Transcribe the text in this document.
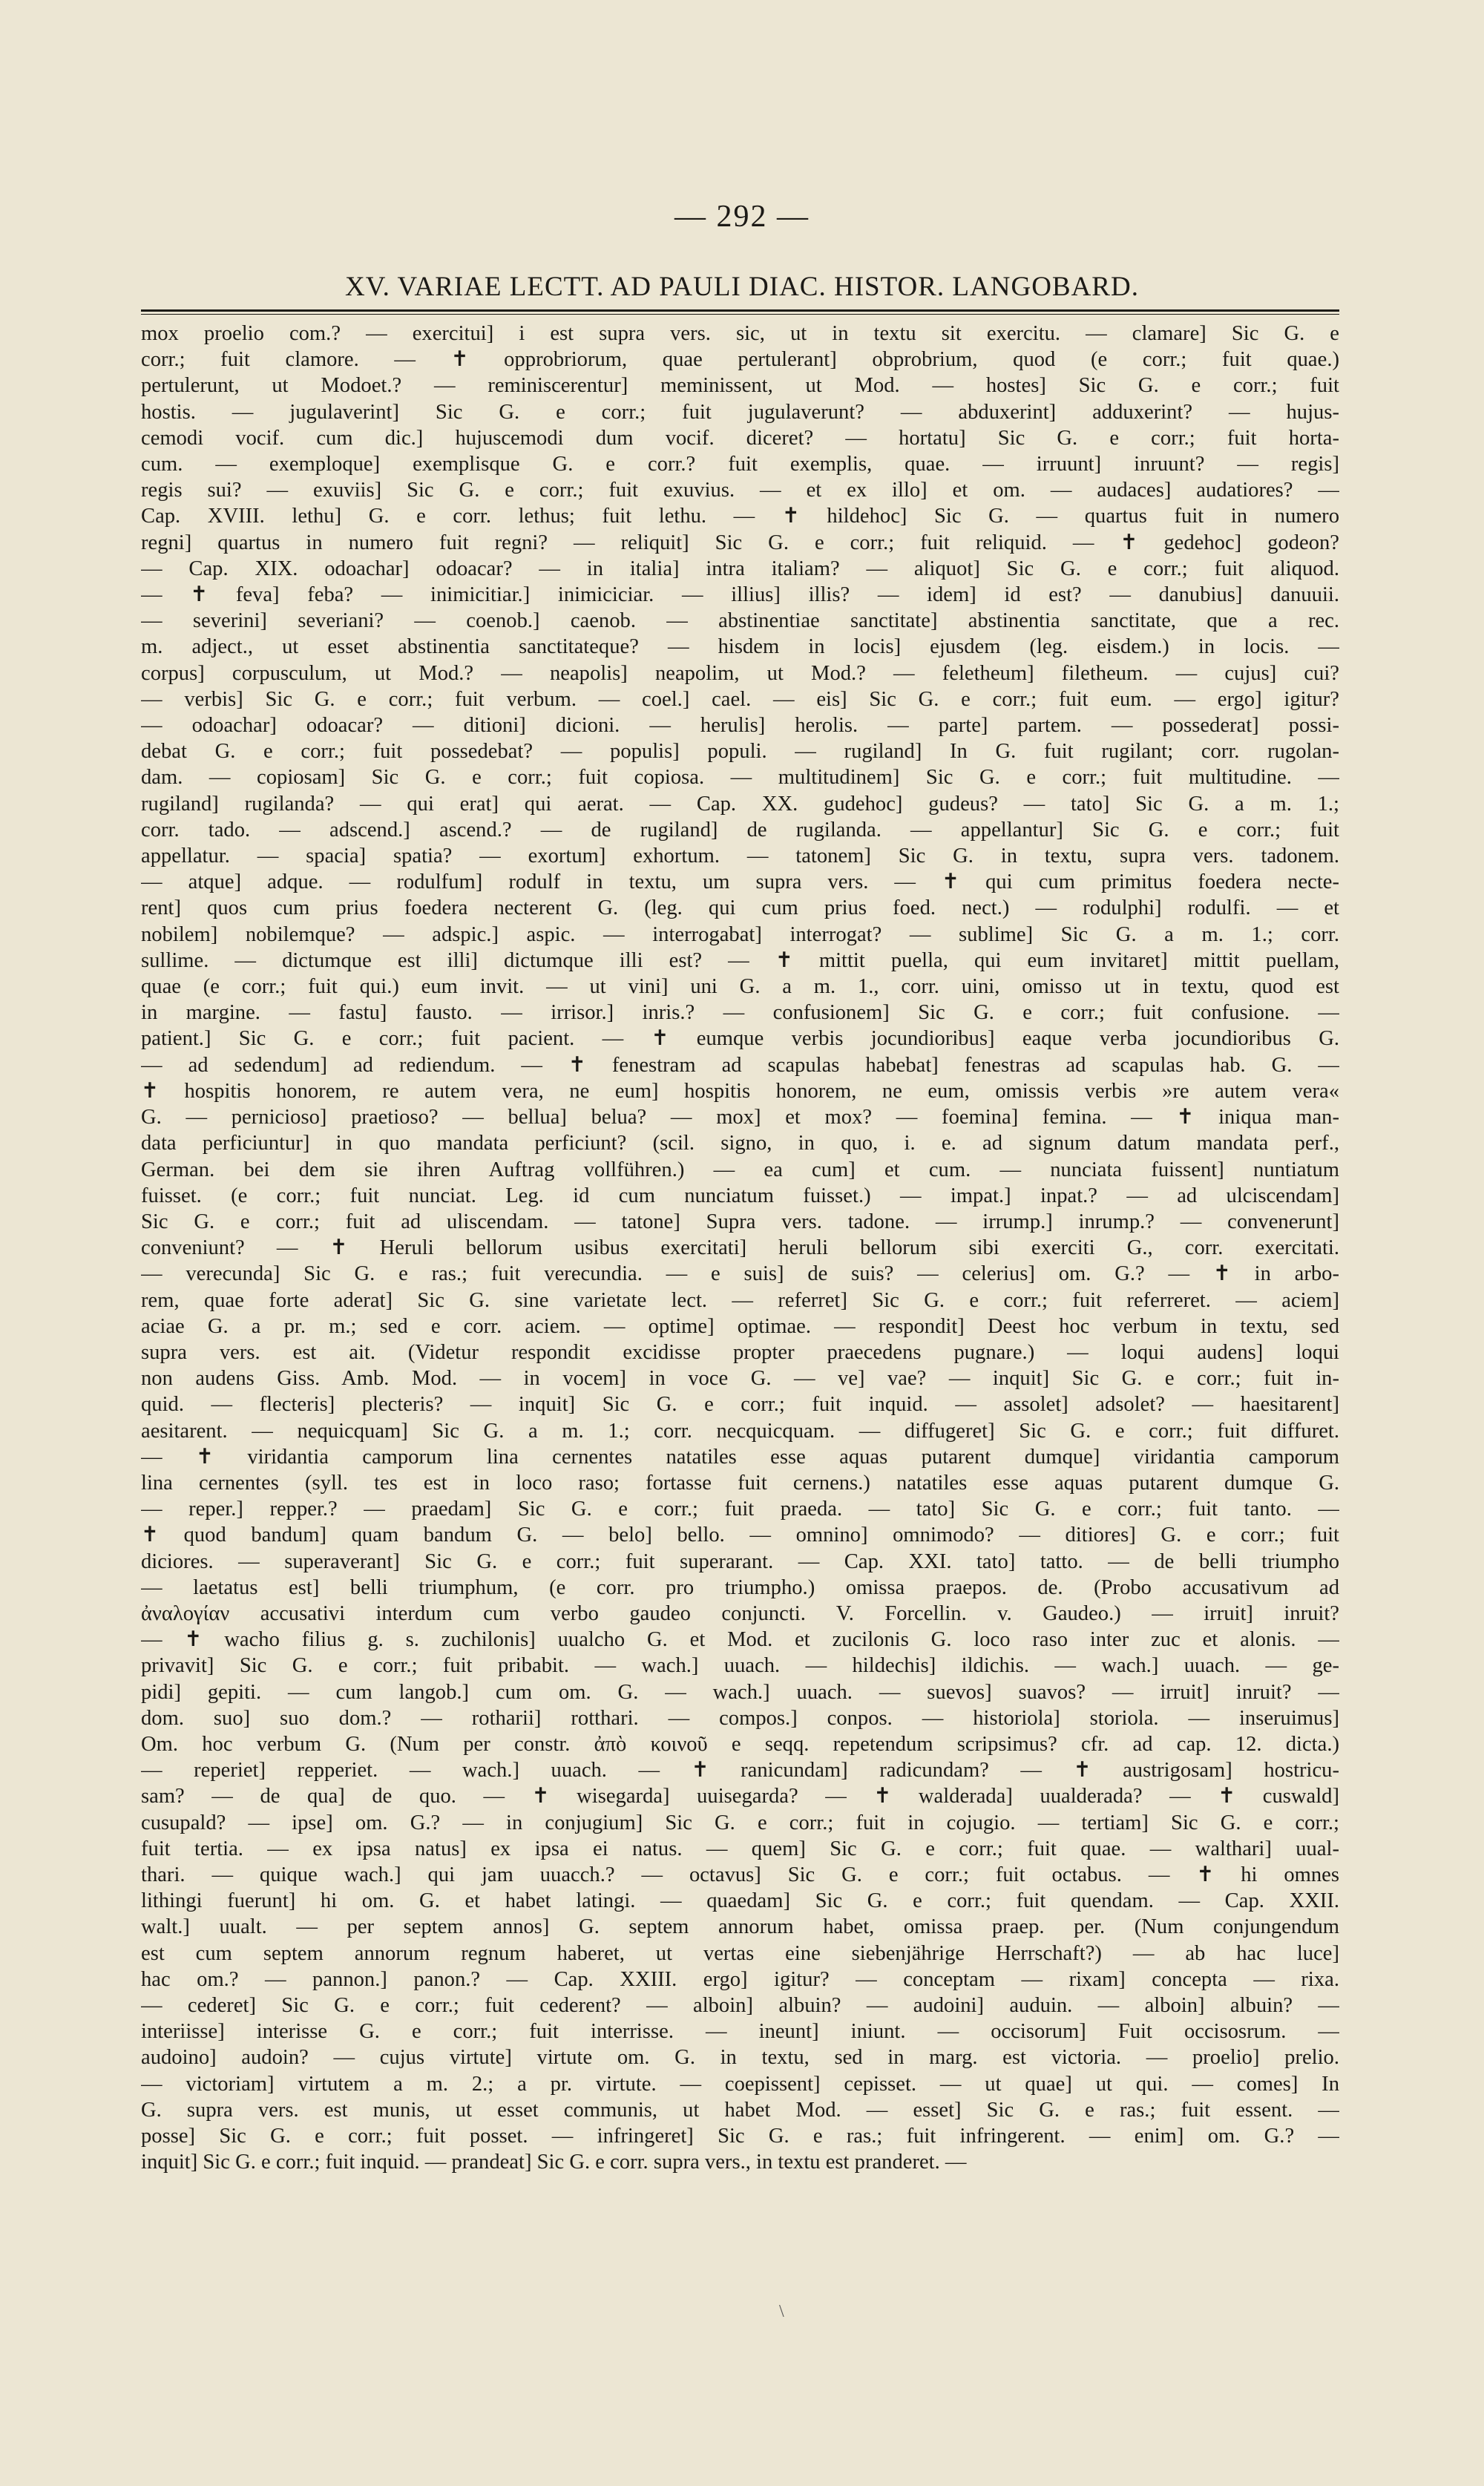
— 292 —
XV. VARIAE LECTT. AD PAULI DIAC. HISTOR. LANGOBARD.
mox proelio com.? — exercitui] i est supra vers. sic, ut in textu sit exercitu. — clamare] Sic G. e
corr.; fuit clamore. — ✝ opprobriorum, quae pertulerant] obprobrium, quod (e corr.; fuit quae.)
pertulerunt, ut Modoet.? — reminiscerentur] meminissent, ut Mod. — hostes] Sic G. e corr.; fuit
hostis. — jugulaverint] Sic G. e corr.; fuit jugulaverunt? — abduxerint] adduxerint? — hujus-
cemodi vocif. cum dic.] hujuscemodi dum vocif. diceret? — hortatu] Sic G. e corr.; fuit horta-
cum. — exemploque] exemplisque G. e corr.? fuit exemplis, quae. — irruunt] inruunt? — regis]
regis sui? — exuviis] Sic G. e corr.; fuit exuvius. — et ex illo] et om. — audaces] audatiores? —
Cap. XVIII. lethu] G. e corr. lethus; fuit lethu. — ✝ hildehoc] Sic G. — quartus fuit in numero
regni] quartus in numero fuit regni? — reliquit] Sic G. e corr.; fuit reliquid. — ✝ gedehoc] godeon?
— Cap. XIX. odoachar] odoacar? — in italia] intra italiam? — aliquot] Sic G. e corr.; fuit aliquod.
— ✝ feva] feba? — inimicitiar.] inimiciciar. — illius] illis? — idem] id est? — danubius] danuuii.
— severini] severiani? — coenob.] caenob. — abstinentiae sanctitate] abstinentia sanctitate, que a rec.
m. adject., ut esset abstinentia sanctitateque? — hisdem in locis] ejusdem (leg. eisdem.) in locis. —
corpus] corpusculum, ut Mod.? — neapolis] neapolim, ut Mod.? — feletheum] filetheum. — cujus] cui?
— verbis] Sic G. e corr.; fuit verbum. — coel.] cael. — eis] Sic G. e corr.; fuit eum. — ergo] igitur?
— odoachar] odoacar? — ditioni] dicioni. — herulis] herolis. — parte] partem. — possederat] possi-
debat G. e corr.; fuit possedebat? — populis] populi. — rugiland] In G. fuit rugilant; corr. rugolan-
dam. — copiosam] Sic G. e corr.; fuit copiosa. — multitudinem] Sic G. e corr.; fuit multitudine. —
rugiland] rugilanda? — qui erat] qui aerat. — Cap. XX. gudehoc] gudeus? — tato] Sic G. a m. 1.;
corr. tado. — adscend.] ascend.? — de rugiland] de rugilanda. — appellantur] Sic G. e corr.; fuit
appellatur. — spacia] spatia? — exortum] exhortum. — tatonem] Sic G. in textu, supra vers. tadonem.
— atque] adque. — rodulfum] rodulf in textu, um supra vers. — ✝ qui cum primitus foedera necte-
rent] quos cum prius foedera necterent G. (leg. qui cum prius foed. nect.) — rodulphi] rodulfi. — et
nobilem] nobilemque? — adspic.] aspic. — interrogabat] interrogat? — sublime] Sic G. a m. 1.; corr.
sullime. — dictumque est illi] dictumque illi est? — ✝ mittit puella, qui eum invitaret] mittit puellam,
quae (e corr.; fuit qui.) eum invit. — ut vini] uni G. a m. 1., corr. uini, omisso ut in textu, quod est
in margine. — fastu] fausto. — irrisor.] inris.? — confusionem] Sic G. e corr.; fuit confusione. —
patient.] Sic G. e corr.; fuit pacient. — ✝ eumque verbis jocundioribus] eaque verba jocundioribus G.
— ad sedendum] ad rediendum. — ✝ fenestram ad scapulas habebat] fenestras ad scapulas hab. G. —
✝ hospitis honorem, re autem vera, ne eum] hospitis honorem, ne eum, omissis verbis »re autem vera«
G. — pernicioso] praetioso? — bellua] belua? — mox] et mox? — foemina] femina. — ✝ iniqua man-
data perficiuntur] in quo mandata perficiunt? (scil. signo, in quo, i. e. ad signum datum mandata perf.,
German. bei dem sie ihren Auftrag vollführen.) — ea cum] et cum. — nunciata fuissent] nuntiatum
fuisset. (e corr.; fuit nunciat. Leg. id cum nunciatum fuisset.) — impat.] inpat.? — ad ulciscendam]
Sic G. e corr.; fuit ad uliscendam. — tatone] Supra vers. tadone. — irrump.] inrump.? — convenerunt]
conveniunt? — ✝ Heruli bellorum usibus exercitati] heruli bellorum sibi exerciti G., corr. exercitati.
— verecunda] Sic G. e ras.; fuit verecundia. — e suis] de suis? — celerius] om. G.? — ✝ in arbo-
rem, quae forte aderat] Sic G. sine varietate lect. — referret] Sic G. e corr.; fuit referreret. — aciem]
aciae G. a pr. m.; sed e corr. aciem. — optime] optimae. — respondit] Deest hoc verbum in textu, sed
supra vers. est ait. (Videtur respondit excidisse propter praecedens pugnare.) — loqui audens] loqui
non audens Giss. Amb. Mod. — in vocem] in voce G. — ve] vae? — inquit] Sic G. e corr.; fuit in-
quid. — flecteris] plecteris? — inquit] Sic G. e corr.; fuit inquid. — assolet] adsolet? — haesitarent]
aesitarent. — nequicquam] Sic G. a m. 1.; corr. necquicquam. — diffugeret] Sic G. e corr.; fuit diffuret.
— ✝ viridantia camporum lina cernentes natatiles esse aquas putarent dumque] viridantia camporum
lina cernentes (syll. tes est in loco raso; fortasse fuit cernens.) natatiles esse aquas putarent dumque G.
— reper.] repper.? — praedam] Sic G. e corr.; fuit praeda. — tato] Sic G. e corr.; fuit tanto. —
✝ quod bandum] quam bandum G. — belo] bello. — omnino] omnimodo? — ditiores] G. e corr.; fuit
diciores. — superaverant] Sic G. e corr.; fuit superarant. — Cap. XXI. tato] tatto. — de belli triumpho
— laetatus est] belli triumphum, (e corr. pro triumpho.) omissa praepos. de. (Probo accusativum ad
ἀναλογίαν accusativi interdum cum verbo gaudeo conjuncti. V. Forcellin. v. Gaudeo.) — irruit] inruit?
— ✝ wacho filius g. s. zuchilonis] uualcho G. et Mod. et zucilonis G. loco raso inter zuc et alonis. —
privavit] Sic G. e corr.; fuit pribabit. — wach.] uuach. — hildechis] ildichis. — wach.] uuach. — ge-
pidi] gepiti. — cum langob.] cum om. G. — wach.] uuach. — suevos] suavos? — irruit] inruit? —
dom. suo] suo dom.? — rotharii] rotthari. — compos.] conpos. — historiola] storiola. — inseruimus]
Om. hoc verbum G. (Num per constr. ἀπὸ κοινοῦ e seqq. repetendum scripsimus? cfr. ad cap. 12. dicta.)
— reperiet] repperiet. — wach.] uuach. — ✝ ranicundam] radicundam? — ✝ austrigosam] hostricu-
sam? — de qua] de quo. — ✝ wisegarda] uuisegarda? — ✝ walderada] uualderada? — ✝ cuswald]
cusupald? — ipse] om. G.? — in conjugium] Sic G. e corr.; fuit in cojugio. — tertiam] Sic G. e corr.;
fuit tertia. — ex ipsa natus] ex ipsa ei natus. — quem] Sic G. e corr.; fuit quae. — walthari] uual-
thari. — quique wach.] qui jam uuacch.? — octavus] Sic G. e corr.; fuit octabus. — ✝ hi omnes
lithingi fuerunt] hi om. G. et habet latingi. — quaedam] Sic G. e corr.; fuit quendam. — Cap. XXII.
walt.] uualt. — per septem annos] G. septem annorum habet, omissa praep. per. (Num conjungendum
est cum septem annorum regnum haberet, ut vertas eine siebenjährige Herrschaft?) — ab hac luce]
hac om.? — pannon.] panon.? — Cap. XXIII. ergo] igitur? — conceptam — rixam] concepta — rixa.
— cederet] Sic G. e corr.; fuit cederent? — alboin] albuin? — audoini] auduin. — alboin] albuin? —
interiisse] interisse G. e corr.; fuit interrisse. — ineunt] iniunt. — occisorum] Fuit occisosrum. —
audoino] audoin? — cujus virtute] virtute om. G. in textu, sed in marg. est victoria. — proelio] prelio.
— victoriam] virtutem a m. 2.; a pr. virtute. — coepissent] cepisset. — ut quae] ut qui. — comes] In
G. supra vers. est munis, ut esset communis, ut habet Mod. — esset] Sic G. e ras.; fuit essent. —
posse] Sic G. e corr.; fuit posset. — infringeret] Sic G. e ras.; fuit infringerent. — enim] om. G.? —
inquit] Sic G. e corr.; fuit inquid. — prandeat] Sic G. e corr. supra vers., in textu est pranderet. —
\
